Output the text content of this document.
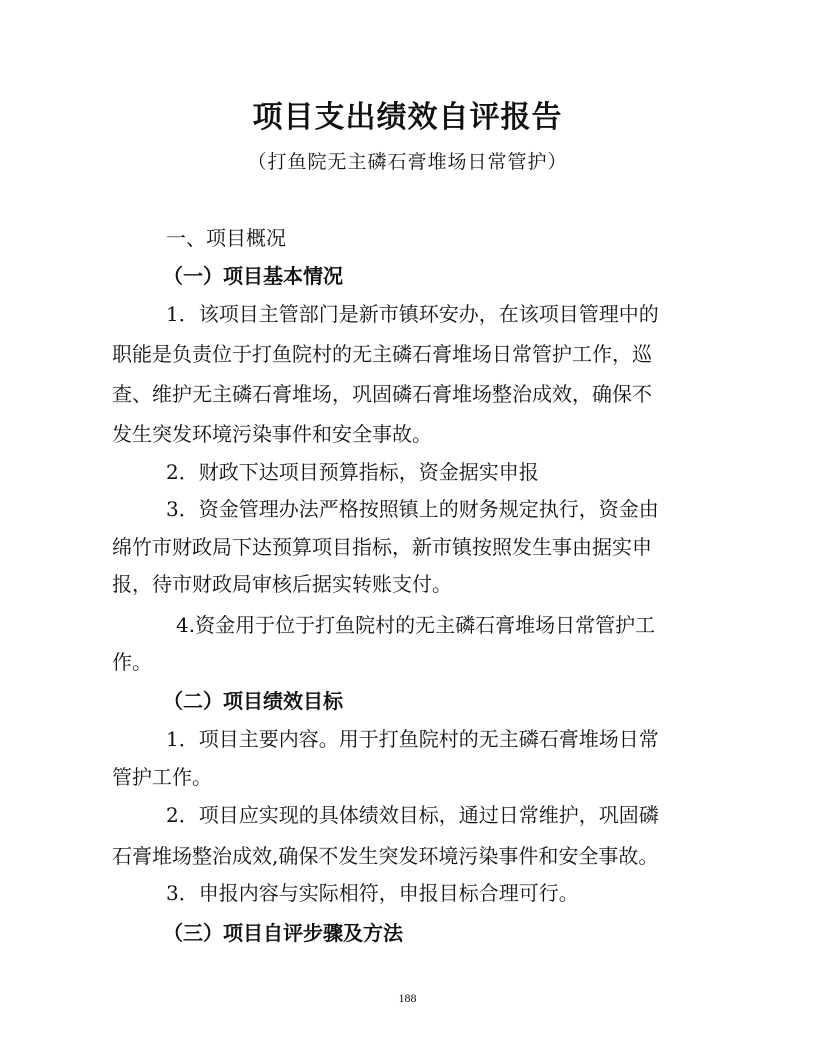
项目支出绩效自评报告
（打鱼院无主磷石膏堆场日常管护）
一、项目概况
（一）项目基本情况
1．该项目主管部门是新市镇环安办，在该项目管理中的
职能是负责位于打鱼院村的无主磷石膏堆场日常管护工作，巡
查、维护无主磷石膏堆场，巩固磷石膏堆场整治成效，确保不
发生突发环境污染事件和安全事故。
2．财政下达项目预算指标，资金据实申报
3．资金管理办法严格按照镇上的财务规定执行，资金由
绵竹市财政局下达预算项目指标，新市镇按照发生事由据实申
报，待市财政局审核后据实转账支付。
4.资金用于位于打鱼院村的无主磷石膏堆场日常管护工
作。
（二）项目绩效目标
1．项目主要内容。用于打鱼院村的无主磷石膏堆场日常
管护工作。
2．项目应实现的具体绩效目标，通过日常维护，巩固磷
石膏堆场整治成效,确保不发生突发环境污染事件和安全事故。
3．申报内容与实际相符，申报目标合理可行。
（三）项目自评步骤及方法
188
